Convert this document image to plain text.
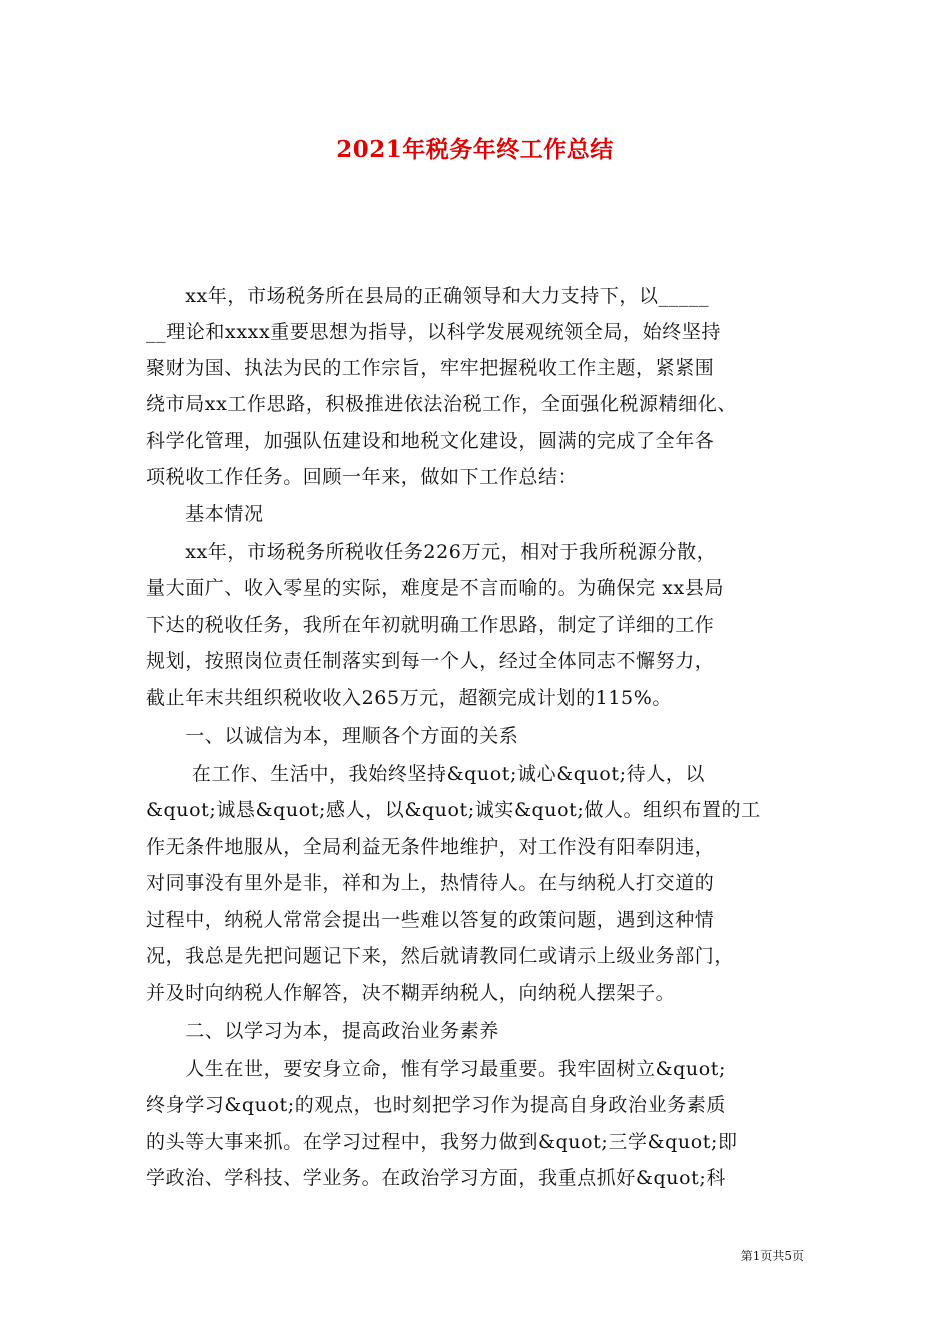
2021年税务年终工作总结
　　xx年，市场税务所在县局的正确领导和大力支持下，以_____
__理论和xxxx重要思想为指导，以科学发展观统领全局，始终坚持
聚财为国、执法为民的工作宗旨，牢牢把握税收工作主题，紧紧围
绕市局xx工作思路，积极推进依法治税工作，全面强化税源精细化、
科学化管理，加强队伍建设和地税文化建设，圆满的完成了全年各
项税收工作任务。回顾一年来，做如下工作总结：
　　基本情况
　　xx年，市场税务所税收任务226万元，相对于我所税源分散，
量大面广、收入零星的实际，难度是不言而喻的。为确保完 xx县局
下达的税收任务，我所在年初就明确工作思路，制定了详细的工作
规划，按照岗位责任制落实到每一个人，经过全体同志不懈努力，
截止年末共组织税收收入265万元，超额完成计划的115%。
　　一、以诚信为本，理顺各个方面的关系
　　 在工作、生活中，我始终坚持&quot;诚心&quot;待人，以
&quot;诚恳&quot;感人，以&quot;诚实&quot;做人。组织布置的工
作无条件地服从，全局利益无条件地维护，对工作没有阳奉阴违，
对同事没有里外是非，祥和为上，热情待人。在与纳税人打交道的
过程中，纳税人常常会提出一些难以答复的政策问题，遇到这种情
况，我总是先把问题记下来，然后就请教同仁或请示上级业务部门，
并及时向纳税人作解答，决不糊弄纳税人，向纳税人摆架子。
　　二、以学习为本，提高政治业务素养
　　人生在世，要安身立命，惟有学习最重要。我牢固树立&quot;
终身学习&quot;的观点，也时刻把学习作为提高自身政治业务素质
的头等大事来抓。在学习过程中，我努力做到&quot;三学&quot;即
学政治、学科技、学业务。在政治学习方面，我重点抓好&quot;科
第1页共5页
